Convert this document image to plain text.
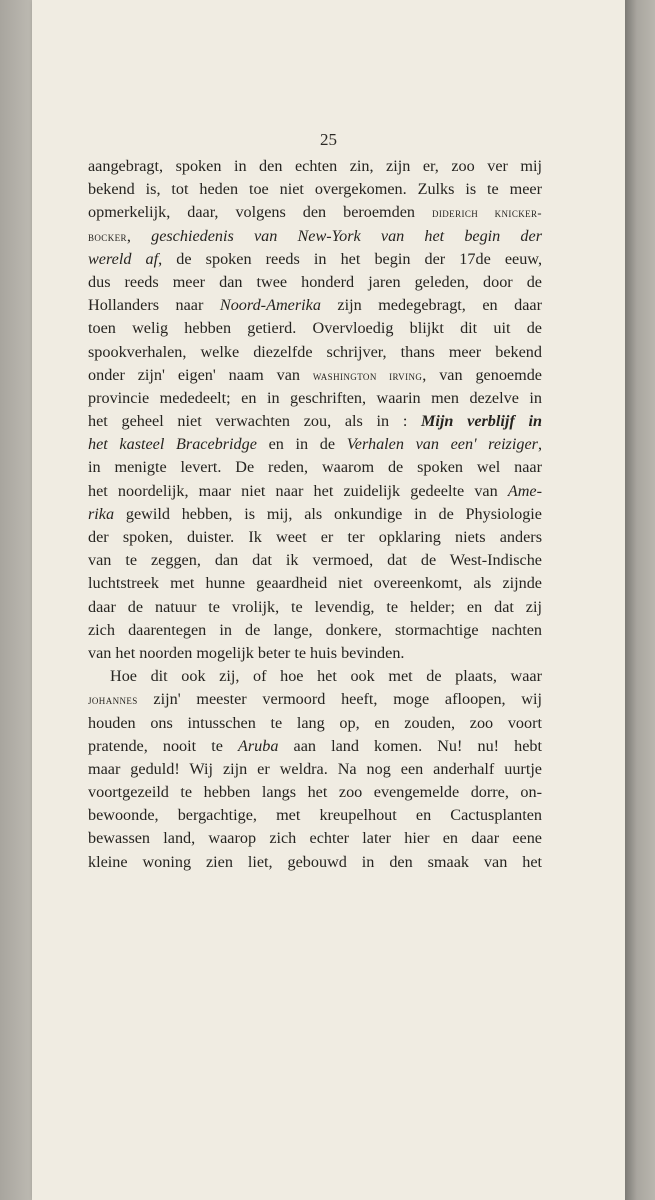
25
aangebragt, spoken in den echten zin, zijn er, zoo ver mij
bekend is, tot heden toe niet overgekomen. Zulks is te meer
opmerkelijk, daar, volgens den beroemden diderich knicker-
bocker, geschiedenis van New-York van het begin der
wereld af, de spoken reeds in het begin der 17de eeuw,
dus reeds meer dan twee honderd jaren geleden, door de
Hollanders naar Noord-Amerika zijn medegebragt, en daar
toen welig hebben getierd. Overvloedig blijkt dit uit de
spookverhalen, welke diezelfde schrijver, thans meer bekend
onder zijn' eigen' naam van washington irving, van genoemde
provincie mededeelt; en in geschriften, waarin men dezelve in
het geheel niet verwachten zou, als in : Mijn verblijf in
het kasteel Bracebridge en in de Verhalen van een' reiziger,
in menigte levert. De reden, waarom de spoken wel naar
het noordelijk, maar niet naar het zuidelijk gedeelte van Ame-
rika gewild hebben, is mij, als onkundige in de Physiologie
der spoken, duister. Ik weet er ter opklaring niets anders
van te zeggen, dan dat ik vermoed, dat de West-Indische
luchtstreek met hunne geaardheid niet overeenkomt, als zijnde
daar de natuur te vrolijk, te levendig, te helder; en dat zij
zich daarentegen in de lange, donkere, stormachtige nachten
van het noorden mogelijk beter te huis bevinden.
Hoe dit ook zij, of hoe het ook met de plaats, waar
johannes zijn' meester vermoord heeft, moge afloopen, wij
houden ons intusschen te lang op, en zouden, zoo voort
pratende, nooit te Aruba aan land komen. Nu! nu! hebt
maar geduld! Wij zijn er weldra. Na nog een anderhalf uurtje
voortgezeild te hebben langs het zoo evengemelde dorre, on-
bewoonde, bergachtige, met kreupelhout en Cactusplanten
bewassen land, waarop zich echter later hier en daar eene
kleine woning zien liet, gebouwd in den smaak van het
